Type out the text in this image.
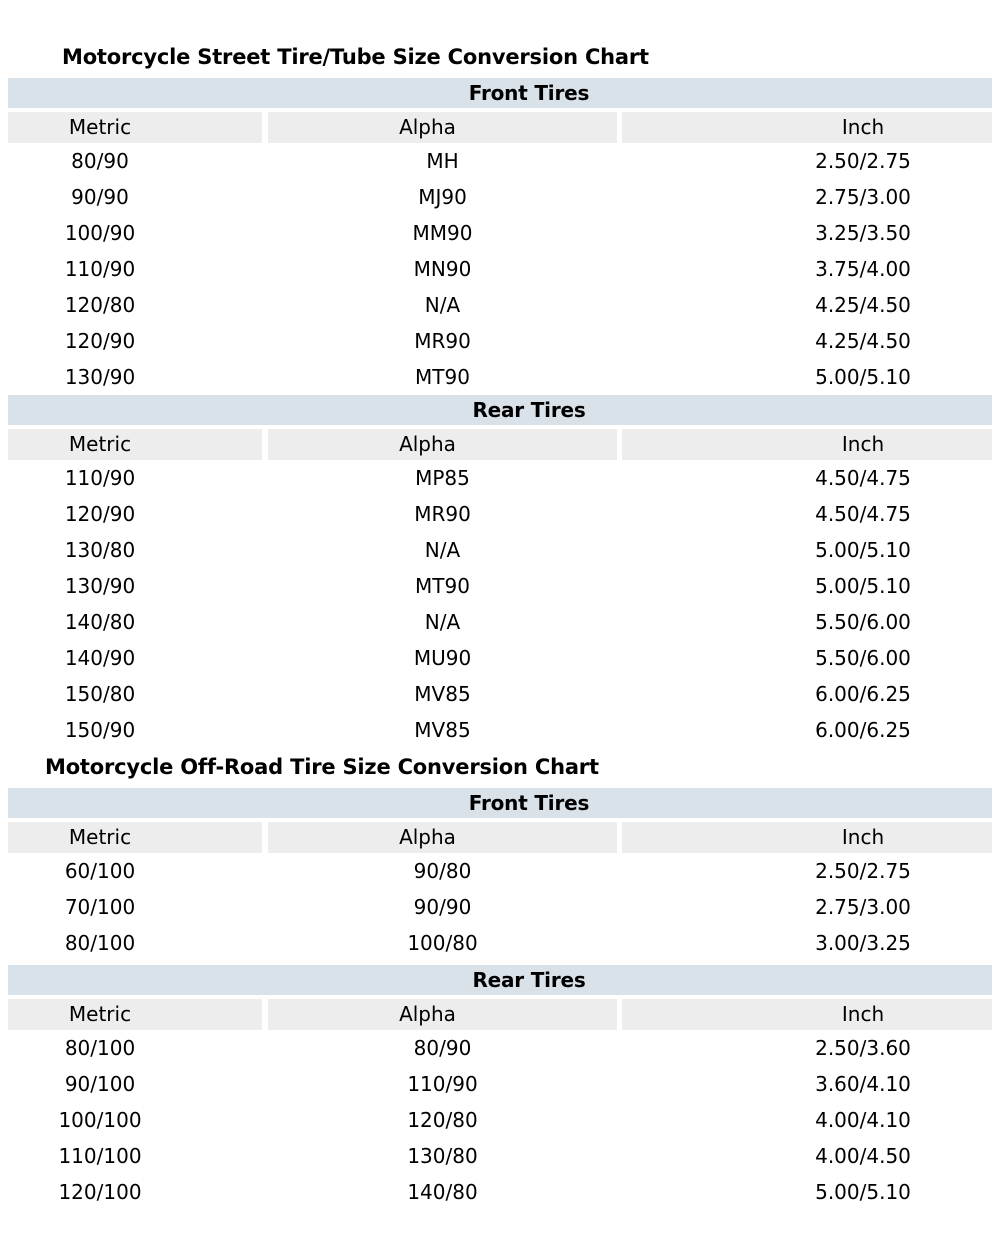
Motorcycle Street Tire/Tube Size Conversion Chart
Front Tires
Metric	Alpha	Inch
80/90	MH	2.50/2.75
90/90	MJ90	2.75/3.00
100/90	MM90	3.25/3.50
110/90	MN90	3.75/4.00
120/80	N/A	4.25/4.50
120/90	MR90	4.25/4.50
130/90	MT90	5.00/5.10
Rear Tires
Metric	Alpha	Inch
110/90	MP85	4.50/4.75
120/90	MR90	4.50/4.75
130/80	N/A	5.00/5.10
130/90	MT90	5.00/5.10
140/80	N/A	5.50/6.00
140/90	MU90	5.50/6.00
150/80	MV85	6.00/6.25
150/90	MV85	6.00/6.25
Motorcycle Off-Road Tire Size Conversion Chart
Front Tires
Metric	Alpha	Inch
60/100	90/80	2.50/2.75
70/100	90/90	2.75/3.00
80/100	100/80	3.00/3.25
Rear Tires
Metric	Alpha	Inch
80/100	80/90	2.50/3.60
90/100	110/90	3.60/4.10
100/100	120/80	4.00/4.10
110/100	130/80	4.00/4.50
120/100	140/80	5.00/5.10
